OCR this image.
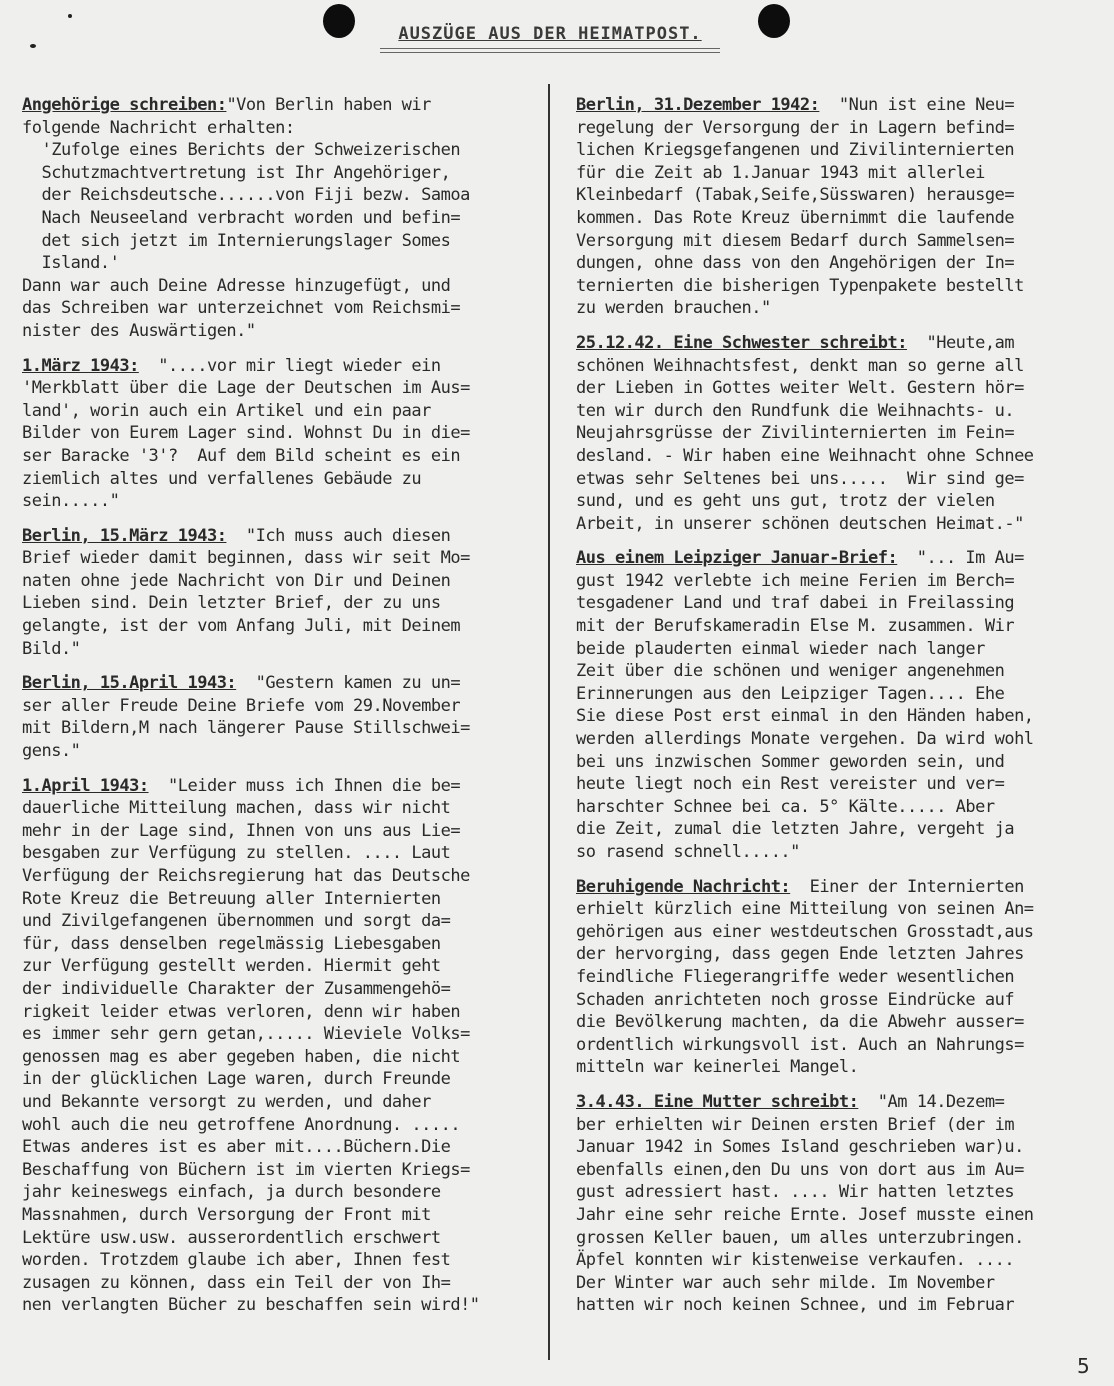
AUSZÜGE AUS DER HEIMATPOST.

Angehörige schreiben:"Von Berlin haben wir

folgende Nachricht erhalten:
'Zufolge eines Berichts der Schweizerischen
Schutzmachtvertretung ist Ihr Angehöriger,
der Reichsdeutsche......von Fiji bezw. Samoa
Nach Neuseeland verbracht worden und befin=
det sich jetzt im Internierungslager Somes
Island.'
Dann war auch Deine Adresse hinzugefügt, und
das Schreiben war unterzeichnet vom Reichsmi=
nister des Auswärtigen."

1.März 1943:  "....vor mir liegt wieder ein

'Merkblatt über die Lage der Deutschen im Aus=
land', worin auch ein Artikel und ein paar
Bilder von Eurem Lager sind. Wohnst Du in die=
ser Baracke '3'?  Auf dem Bild scheint es ein
ziemlich altes und verfallenes Gebäude zu
sein....."

Berlin, 15.März 1943:  "Ich muss auch diesen

Brief wieder damit beginnen, dass wir seit Mo=
naten ohne jede Nachricht von Dir und Deinen
Lieben sind. Dein letzter Brief, der zu uns
gelangte, ist der vom Anfang Juli, mit Deinem
Bild."

Berlin, 15.April 1943:  "Gestern kamen zu un=

ser aller Freude Deine Briefe vom 29.November
mit Bildern,M nach längerer Pause Stillschwei=
gens."

1.April 1943:  "Leider muss ich Ihnen die be=

dauerliche Mitteilung machen, dass wir nicht
mehr in der Lage sind, Ihnen von uns aus Lie=
besgaben zur Verfügung zu stellen. .... Laut
Verfügung der Reichsregierung hat das Deutsche
Rote Kreuz die Betreuung aller Internierten
und Zivilgefangenen übernommen und sorgt da=
für, dass denselben regelmässig Liebesgaben
zur Verfügung gestellt werden. Hiermit geht
der individuelle Charakter der Zusammengehö=
rigkeit leider etwas verloren, denn wir haben
es immer sehr gern getan,..... Wieviele Volks=
genossen mag es aber gegeben haben, die nicht
in der glücklichen Lage waren, durch Freunde
und Bekannte versorgt zu werden, und daher
wohl auch die neu getroffene Anordnung. .....
Etwas anderes ist es aber mit....Büchern.Die
Beschaffung von Büchern ist im vierten Kriegs=
jahr keineswegs einfach, ja durch besondere
Massnahmen, durch Versorgung der Front mit
Lektüre usw.usw. ausserordentlich erschwert
worden. Trotzdem glaube ich aber, Ihnen fest
zusagen zu können, dass ein Teil der von Ih=
nen verlangten Bücher zu beschaffen sein wird!"

Berlin, 31.Dezember 1942:  "Nun ist eine Neu=

regelung der Versorgung der in Lagern befind=
lichen Kriegsgefangenen und Zivilinternierten
für die Zeit ab 1.Januar 1943 mit allerlei
Kleinbedarf (Tabak,Seife,Süsswaren) herausge=
kommen. Das Rote Kreuz übernimmt die laufende
Versorgung mit diesem Bedarf durch Sammelsen=
dungen, ohne dass von den Angehörigen der In=
ternierten die bisherigen Typenpakete bestellt
zu werden brauchen."

25.12.42. Eine Schwester schreibt:  "Heute,am

schönen Weihnachtsfest, denkt man so gerne all
der Lieben in Gottes weiter Welt. Gestern hör=
ten wir durch den Rundfunk die Weihnachts- u.
Neujahrsgrüsse der Zivilinternierten im Fein=
desland. - Wir haben eine Weihnacht ohne Schnee
etwas sehr Seltenes bei uns.....  Wir sind ge=
sund, und es geht uns gut, trotz der vielen
Arbeit, in unserer schönen deutschen Heimat.-"

Aus einem Leipziger Januar-Brief:  "... Im Au=

gust 1942 verlebte ich meine Ferien im Berch=
tesgadener Land und traf dabei in Freilassing
mit der Berufskameradin Else M. zusammen. Wir
beide plauderten einmal wieder nach langer
Zeit über die schönen und weniger angenehmen
Erinnerungen aus den Leipziger Tagen.... Ehe
Sie diese Post erst einmal in den Händen haben,
werden allerdings Monate vergehen. Da wird wohl
bei uns inzwischen Sommer geworden sein, und
heute liegt noch ein Rest vereister und ver=
harschter Schnee bei ca. 5° Kälte..... Aber
die Zeit, zumal die letzten Jahre, vergeht ja
so rasend schnell....."

Beruhigende Nachricht:  Einer der Internierten

erhielt kürzlich eine Mitteilung von seinen An=
gehörigen aus einer westdeutschen Grosstadt,aus
der hervorging, dass gegen Ende letzten Jahres
feindliche Fliegerangriffe weder wesentlichen
Schaden anrichteten noch grosse Eindrücke auf
die Bevölkerung machten, da die Abwehr ausser=
ordentlich wirkungsvoll ist. Auch an Nahrungs=
mitteln war keinerlei Mangel.

3.4.43. Eine Mutter schreibt:  "Am 14.Dezem=

ber erhielten wir Deinen ersten Brief (der im
Januar 1942 in Somes Island geschrieben war)u.
ebenfalls einen,den Du uns von dort aus im Au=
gust adressiert hast. .... Wir hatten letztes
Jahr eine sehr reiche Ernte. Josef musste einen
grossen Keller bauen, um alles unterzubringen.
Äpfel konnten wir kistenweise verkaufen. ....
Der Winter war auch sehr milde. Im November
hatten wir noch keinen Schnee, und im Februar
5
